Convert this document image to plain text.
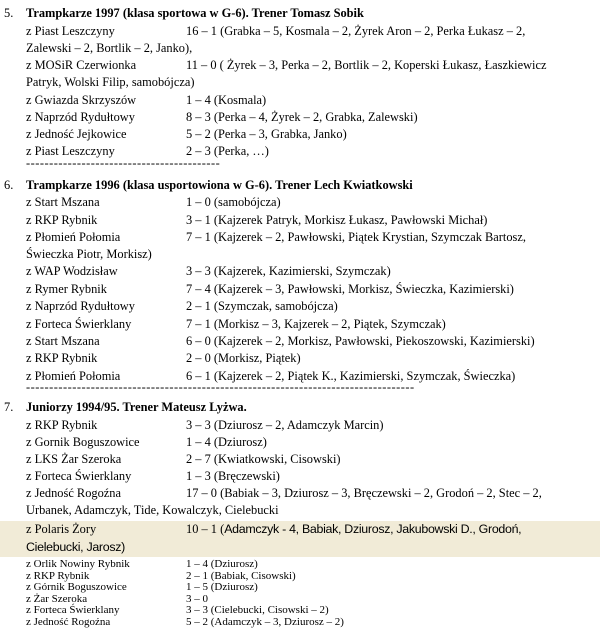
5. Trampkarze 1997 (klasa sportowa w G-6). Trener Tomasz Sobik
z Piast Leszczyny	16 – 1 (Grabka – 5, Kosmala – 2, Żyrek Aron – 2, Perka Łukasz – 2,
Zalewski – 2, Bortlik – 2, Janko),
z MOSiR Czerwionka	11 – 0 ( Żyrek – 3, Perka – 2, Bortlik – 2, Koperski Łukasz, Łaszkiewicz
Patryk, Wolski Filip, samobójcza)
z Gwiazda Skrzyszów	1 – 4 (Kosmala)
z Naprzód Rydułtowy	8 – 3 (Perka – 4, Żyrek – 2, Grabka, Zalewski)
z Jedność Jejkowice	5 – 2 (Perka – 3, Grabka, Janko)
z Piast Leszczyny	2 – 3 (Perka, …)
------------------------------------------
6. Trampkarze 1996 (klasa usportowiona w G-6). Trener Lech Kwiatkowski
z Start Mszana	1 – 0 (samobójcza)
z RKP Rybnik	3 – 1 (Kajzerek Patryk, Morkisz Łukasz, Pawłowski Michał)
z Płomień Połomia	7 – 1 (Kajzerek – 2, Pawłowski, Piątek Krystian, Szymczak Bartosz,
Świeczka Piotr, Morkisz)
z WAP Wodzisław	3 – 3 (Kajzerek, Kazimierski, Szymczak)
z Rymer Rybnik	7 – 4 (Kajzerek – 3, Pawłowski, Morkisz, Świeczka, Kazimierski)
z Naprzód Rydułtowy	2 – 1 (Szymczak, samobójcza)
z Forteca Świerklany	7 – 1 (Morkisz – 3, Kajzerek – 2, Piątek, Szymczak)
z Start Mszana	6 – 0 (Kajzerek – 2, Morkisz, Pawłowski, Piekoszowski, Kazimierski)
z RKP Rybnik	2 – 0 (Morkisz, Piątek)
z Płomień Połomia	6 – 1 (Kajzerek – 2, Piątek K., Kazimierski, Szymczak, Świeczka)
------------------------------------------------------------------------------------
7. Juniorzy 1994/95. Trener Mateusz Lyżwa.
z RKP Rybnik	3 – 3 (Dziurosz – 2, Adamczyk Marcin)
z Gornik Boguszowice	1 – 4 (Dziurosz)
z LKS Żar Szeroka	2 – 7 (Kwiatkowski, Cisowski)
z Forteca Świerklany	1 – 3 (Bręczewski)
z Jedność Rogoźna	17 – 0 (Babiak – 3, Dziurosz – 3, Bręczewski – 2, Grodoń – 2, Stec – 2,
Urbanek, Adamczyk, Tide, Kowalczyk, Cielebucki
z Polaris Żory	10 – 1 (Adamczyk - 4, Babiak, Dziurosz, Jakubowski D., Grodoń,
Cielebucki, Jarosz)
z Orlik Nowiny Rybnik	1 – 4 (Dziurosz)
z RKP Rybnik	2 – 1 (Babiak, Cisowski)
z Górnik Boguszowice	1 – 5 (Dziurosz)
z Żar Szeroka	3 – 0
z Forteca Świerklany	3 – 3 (Cielebucki, Cisowski – 2)
z Jedność Rogoźna	5 – 2 (Adamczyk – 3, Dziurosz – 2)
